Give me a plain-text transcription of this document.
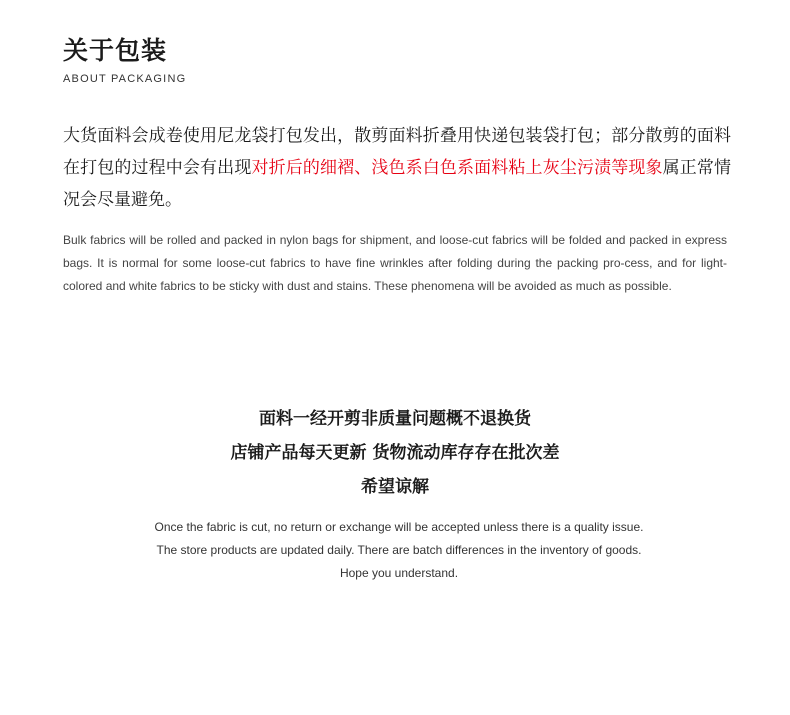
关于包装
ABOUT PACKAGING

大货面料会成卷使用尼龙袋打包发出，散剪面料折叠用快递包装袋打包；部分散剪的面料在打包的过程中会有出现对折后的细褶、浅色系白色系面料粘上灰尘污渍等现象属正常情况会尽量避免。

Bulk fabrics will be rolled and packed in nylon bags for shipment, and loose-cut fabrics will be folded and packed in express bags. It is normal for some loose-cut fabrics to have fine wrinkles after folding during the packing pro-cess, and for light-colored and white fabrics to be sticky with dust and stains. These phenomena will be avoided as much as possible.

面料一经开剪非质量问题概不退换货
店铺产品每天更新 货物流动库存存在批次差
希望谅解
Once the fabric is cut, no return or exchange will be accepted unless there is a quality issue.
The store products are updated daily. There are batch differences in the inventory of goods.
Hope you understand.
